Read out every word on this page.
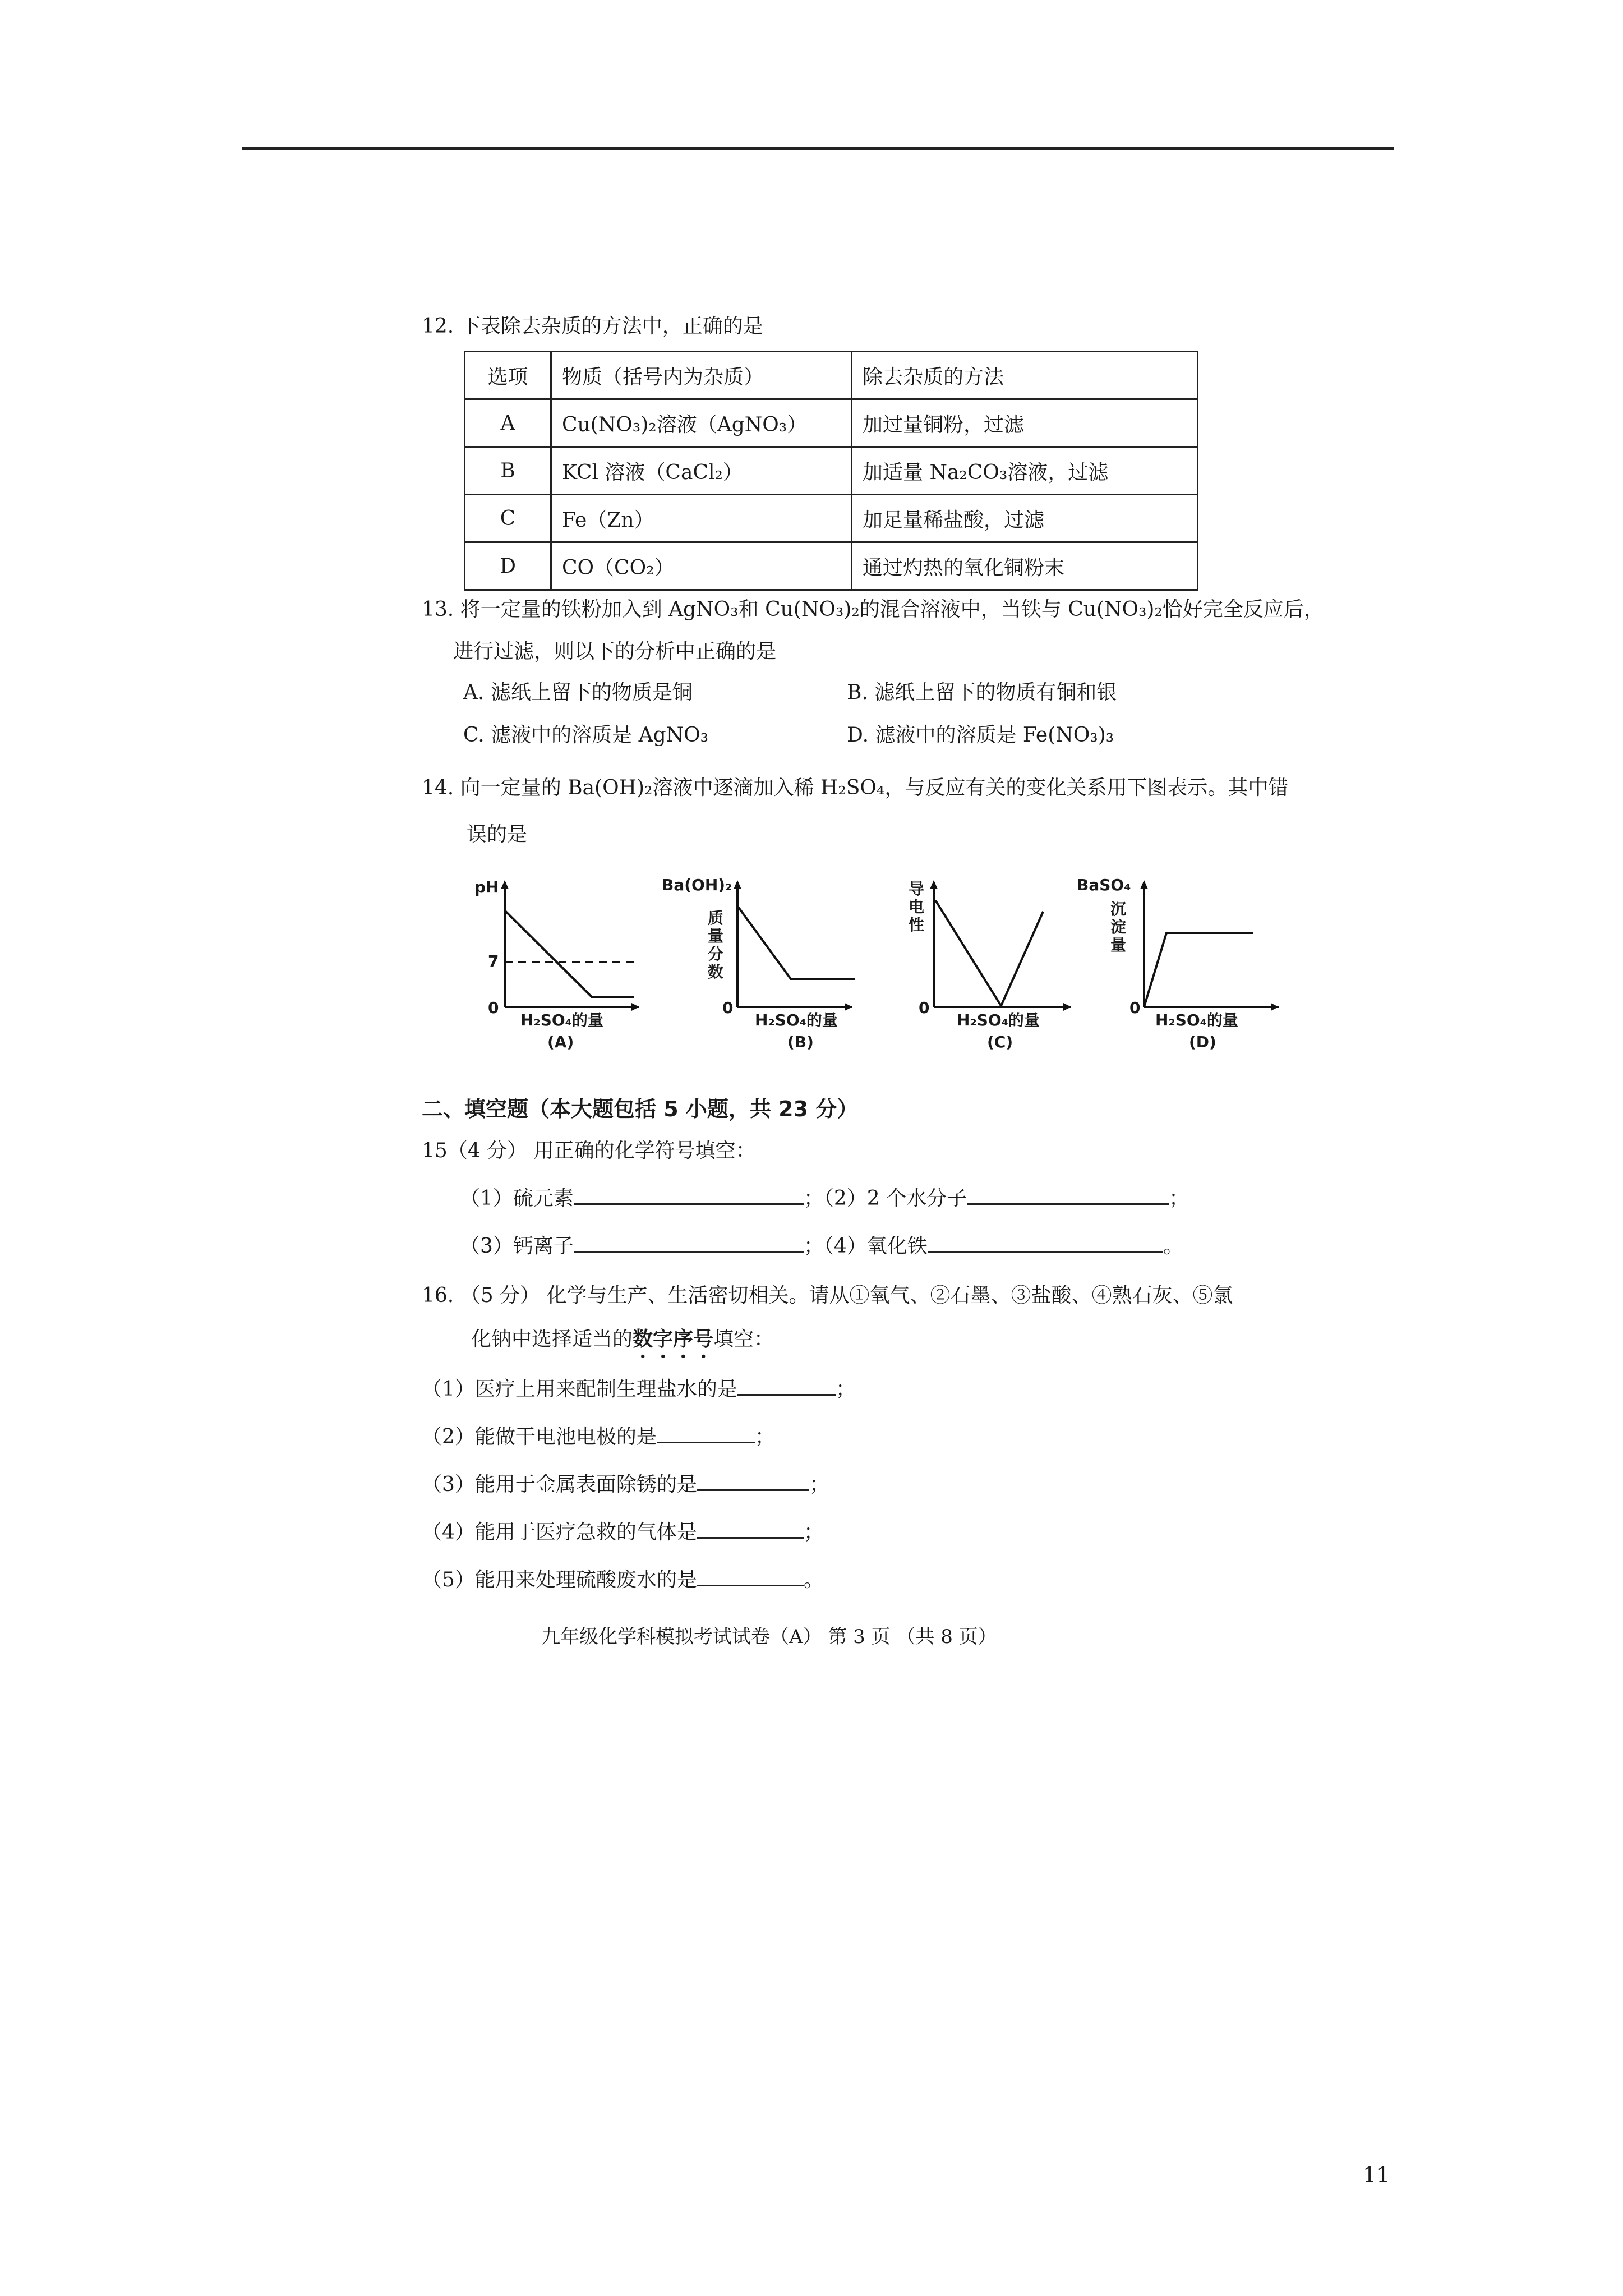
12. 下表除去杂质的方法中，正确的是
选项	物质（括号内为杂质）	除去杂质的方法
A	Cu(NO₃)₂溶液（AgNO₃）	加过量铜粉，过滤
B	KCl 溶液（CaCl₂）	加适量 Na₂CO₃溶液，过滤
C	Fe（Zn）	加足量稀盐酸，过滤
D	CO（CO₂）	通过灼热的氧化铜粉末
13. 将一定量的铁粉加入到 AgNO₃和 Cu(NO₃)₂的混合溶液中，当铁与 Cu(NO₃)₂恰好完全反应后，
进行过滤，则以下的分析中正确的是
A. 滤纸上留下的物质是铜	B. 滤纸上留下的物质有铜和银
C. 滤液中的溶质是 AgNO₃	D. 滤液中的溶质是 Fe(NO₃)₃
14. 向一定量的 Ba(OH)₂溶液中逐滴加入稀 H₂SO₄，与反应有关的变化关系用下图表示。其中错
误的是
pH
7
0
H₂SO₄的量
(A)
Ba(OH)₂
质量分数
0
H₂SO₄的量
(B)
导电性
0
H₂SO₄的量
(C)
BaSO₄
沉淀量
0
H₂SO₄的量
(D)
二、填空题（本大题包括 5 小题，共 23 分）
15（4 分） 用正确的化学符号填空：
（1）硫元素	；（2）2 个水分子	；
（3）钙离子	；（4）氧化铁	。
16. （5 分） 化学与生产、生活密切相关。请从①氧气、②石墨、③盐酸、④熟石灰、⑤氯
化钠中选择适当的数字序号填空：
（1）医疗上用来配制生理盐水的是	；
（2）能做干电池电极的是	；
（3）能用于金属表面除锈的是	；
（4）能用于医疗急救的气体是	；
（5）能用来处理硫酸废水的是	。
九年级化学科模拟考试试卷（A） 第 3 页 （共 8 页）
11
